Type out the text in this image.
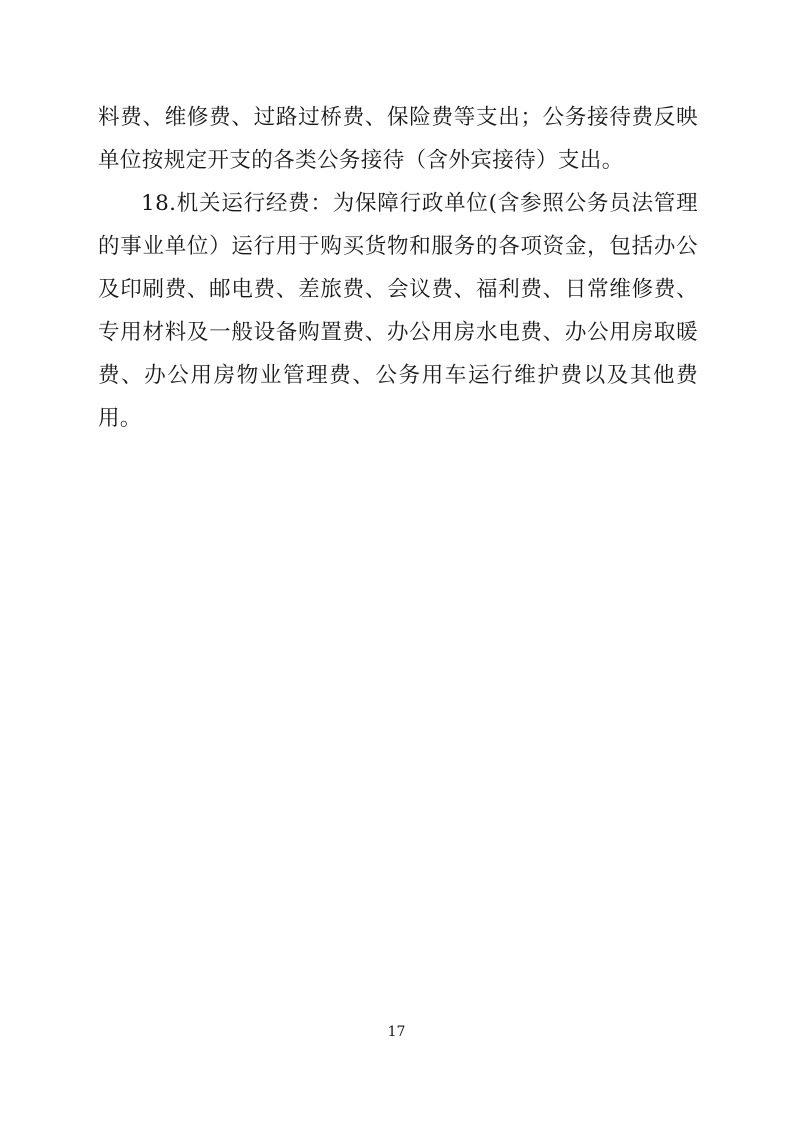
料费、维修费、过路过桥费、保险费等支出；公务接待费反映单位按规定开支的各类公务接待（含外宾接待）支出。

18.机关运行经费：为保障行政单位(含参照公务员法管理的事业单位）运行用于购买货物和服务的各项资金，包括办公及印刷费、邮电费、差旅费、会议费、福利费、日常维修费、专用材料及一般设备购置费、办公用房水电费、办公用房取暖费、办公用房物业管理费、公务用车运行维护费以及其他费用。

17
